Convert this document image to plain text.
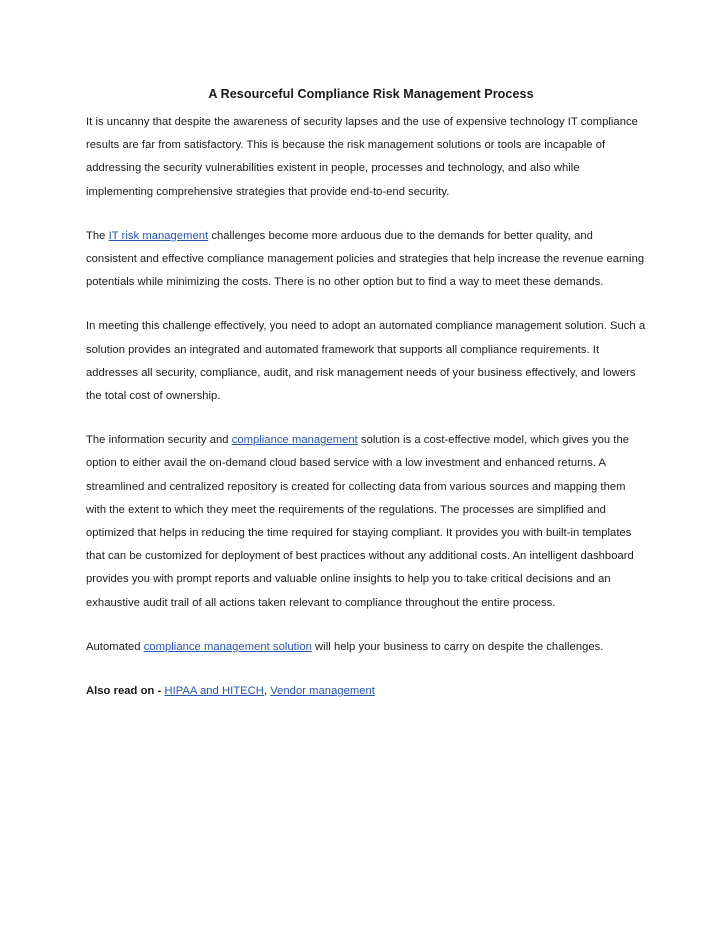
A Resourceful Compliance Risk Management Process

It is uncanny that despite the awareness of security lapses and the use of expensive technology IT compliance results are far from satisfactory. This is because the risk management solutions or tools are incapable of addressing the security vulnerabilities existent in people, processes and technology, and also while implementing comprehensive strategies that provide end-to-end security.

The IT risk management challenges become more arduous due to the demands for better quality, and consistent and effective compliance management policies and strategies that help increase the revenue earning potentials while minimizing the costs. There is no other option but to find a way to meet these demands.

In meeting this challenge effectively, you need to adopt an automated compliance management solution. Such a solution provides an integrated and automated framework that supports all compliance requirements. It addresses all security, compliance, audit, and risk management needs of your business effectively, and lowers the total cost of ownership.

The information security and compliance management solution is a cost-effective model, which gives you the option to either avail the on-demand cloud based service with a low investment and enhanced returns. A streamlined and centralized repository is created for collecting data from various sources and mapping them with the extent to which they meet the requirements of the regulations. The processes are simplified and optimized that helps in reducing the time required for staying compliant. It provides you with built-in templates that can be customized for deployment of best practices without any additional costs. An intelligent dashboard provides you with prompt reports and valuable online insights to help you to take critical decisions and an exhaustive audit trail of all actions taken relevant to compliance throughout the entire process.

Automated compliance management solution will help your business to carry on despite the challenges.

Also read on - HIPAA and HITECH, Vendor management
